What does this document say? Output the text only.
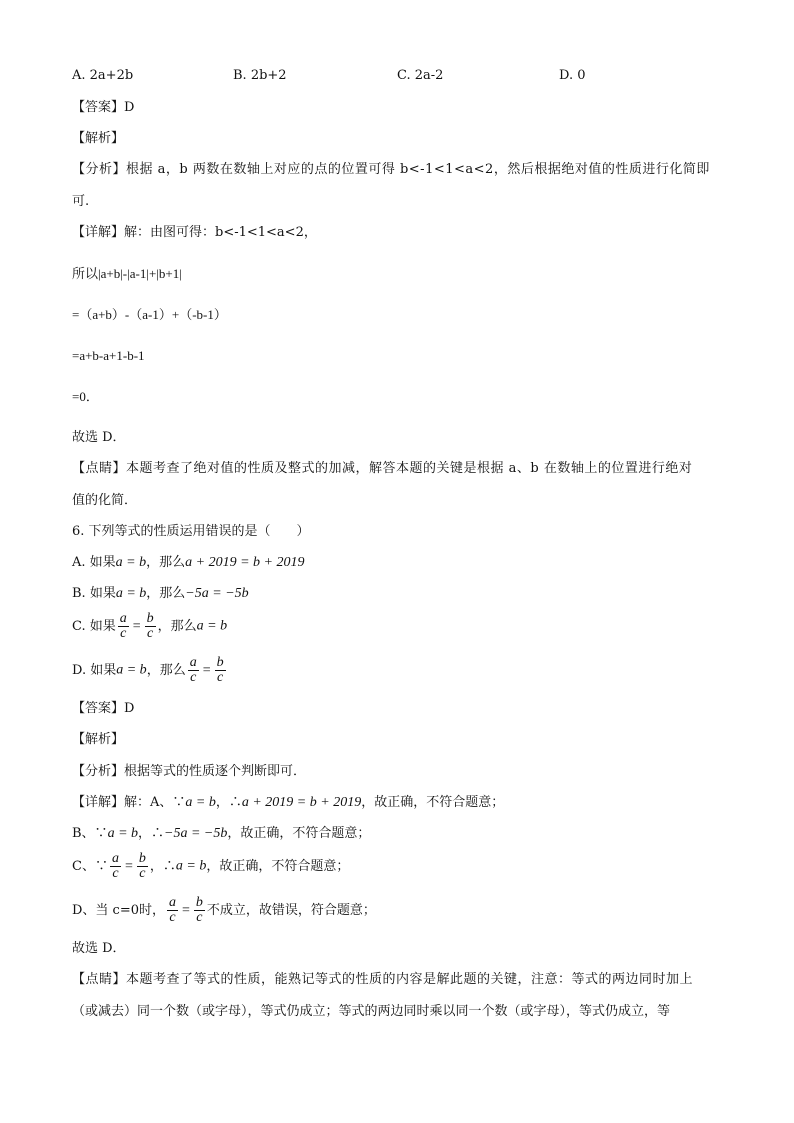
A. 2a+2b	B. 2b+2	C. 2a-2	D. 0
【答案】D
【解析】
【分析】根据 a，b 两数在数轴上对应的点的位置可得 b<-1<1<a<2，然后根据绝对值的性质进行化简即
可.
【详解】解：由图可得：b<-1<1<a<2，
所以|a+b|-|a-1|+|b+1|
=（a+b）-（a-1）+（-b-1）
=a+b-a+1-b-1
=0．
故选 D．
【点睛】本题考查了绝对值的性质及整式的加减，解答本题的关键是根据 a、b 在数轴上的位置进行绝对
值的化简．
6. 下列等式的性质运用错误的是（　　）
A. 如果a = b，那么a + 2019 = b + 2019
B. 如果a = b，那么−5a = −5b
C. 如果 $\frac{a}{c} = \frac{b}{c}$ ，那么a = b
D. 如果a = b，那么 $\frac{a}{c} = \frac{b}{c}$
【答案】D
【解析】
【分析】根据等式的性质逐个判断即可．
【详解】解：A、∵a = b，∴a + 2019 = b + 2019，故正确，不符合题意；
B、∵a = b，∴−5a = −5b，故正确，不符合题意；
C、∵ $\frac{a}{c} = \frac{b}{c}$ ，∴a = b，故正确，不符合题意；
D、当 c=0时， $\frac{a}{c} = \frac{b}{c}$ 不成立，故错误，符合题意；
故选 D．
【点睛】本题考查了等式的性质，能熟记等式的性质的内容是解此题的关键，注意：等式的两边同时加上
（或减去）同一个数（或字母），等式仍成立；等式的两边同时乘以同一个数（或字母），等式仍成立，等
